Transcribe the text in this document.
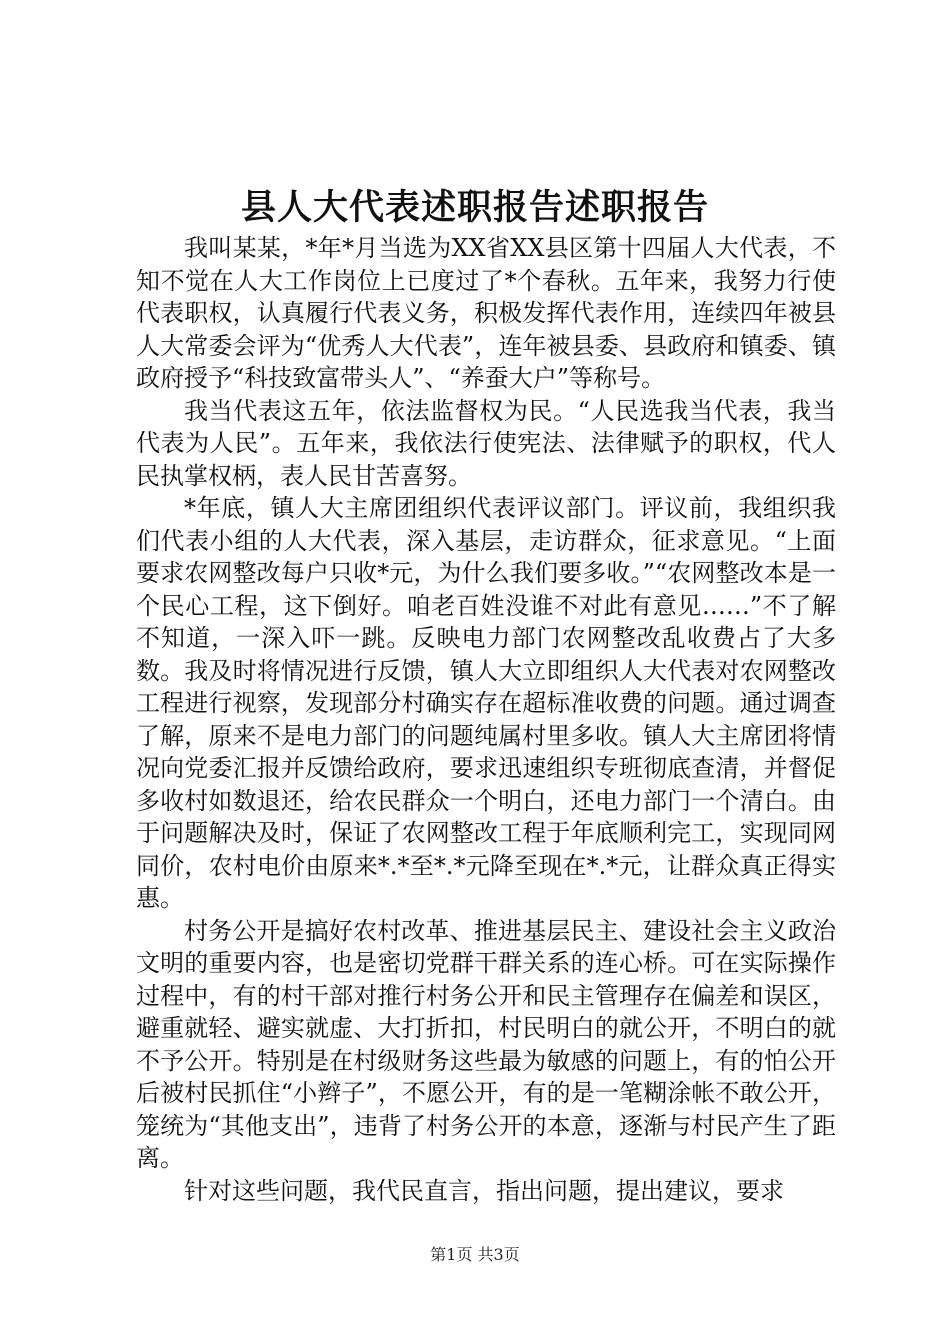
县人大代表述职报告述职报告

我叫某某，*年*月当选为XX省XX县区第十四届人大代表，不知不觉在人大工作岗位上已度过了*个春秋。五年来，我努力行使代表职权，认真履行代表义务，积极发挥代表作用，连续四年被县人大常委会评为“优秀人大代表”，连年被县委、县政府和镇委、镇政府授予“科技致富带头人”、“养蚕大户”等称号。

我当代表这五年，依法监督权为民。“人民选我当代表，我当代表为人民”。五年来，我依法行使宪法、法律赋予的职权，代人民执掌权柄，表人民甘苦喜努。

*年底，镇人大主席团组织代表评议部门。评议前，我组织我们代表小组的人大代表，深入基层，走访群众，征求意见。“上面要求农网整改每户只收*元，为什么我们要多收。”“农网整改本是一个民心工程，这下倒好。咱老百姓没谁不对此有意见……”不了解不知道，一深入吓一跳。反映电力部门农网整改乱收费占了大多数。我及时将情况进行反馈，镇人大立即组织人大代表对农网整改工程进行视察，发现部分村确实存在超标准收费的问题。通过调查了解，原来不是电力部门的问题纯属村里多收。镇人大主席团将情况向党委汇报并反馈给政府，要求迅速组织专班彻底查清，并督促多收村如数退还，给农民群众一个明白，还电力部门一个清白。由于问题解决及时，保证了农网整改工程于年底顺利完工，实现同网同价，农村电价由原来*.*至*.*元降至现在*.*元，让群众真正得实惠。

村务公开是搞好农村改革、推进基层民主、建设社会主义政治文明的重要内容，也是密切党群干群关系的连心桥。可在实际操作过程中，有的村干部对推行村务公开和民主管理存在偏差和误区，避重就轻、避实就虚、大打折扣，村民明白的就公开，不明白的就不予公开。特别是在村级财务这些最为敏感的问题上，有的怕公开后被村民抓住“小辫子”，不愿公开，有的是一笔糊涂帐不敢公开，笼统为“其他支出”，违背了村务公开的本意，逐渐与村民产生了距离。

针对这些问题，我代民直言，指出问题，提出建议，要求

第1页 共3页
